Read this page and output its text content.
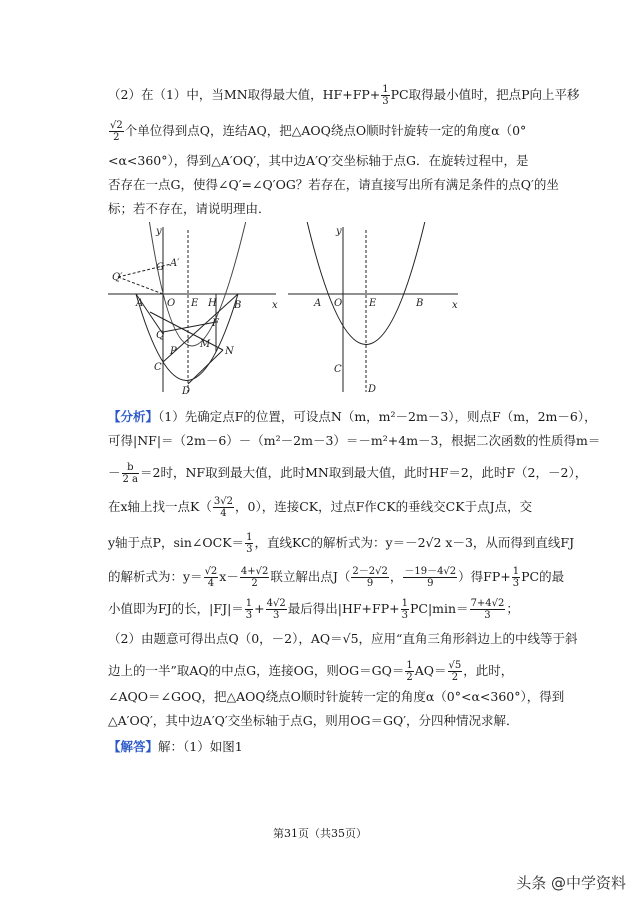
（2）在（1）中，当MN取得最大值，$HF+FP+ \frac{1}{3}$ PC取得最小值时，把点P向上平移
$\frac{√2}{2}$ 个单位得到点Q，连结AQ，把△AOQ绕点O顺时针旋转一定的角度α（0°
<α<360°），得到△A′OQ′，其中边A′Q′交坐标轴于点G．在旋转过程中，是
否存在一点G，使得∠Q′=∠Q′OG？若存在，请直接写出所有满足条件的点Q′的坐
标；若不存在，请说明理由．
y
x
A O E H B
F
G A′
Q′
Q
P
M
N
C
D
y
x
A O	E	B
C
D
【分析】（1）先确定点F的位置，可设点N（m，m²－2m－3），则点F（m，2m－6），
可得|NF|＝（2m－6）－（m²－2m－3）＝－m²+4m－3，根据二次函数的性质得m＝
－ $\frac{b}{2 a} =2$时，NF取到最大值，此时MN取到最大值，此时HF＝2，此时F（2，－2），
在x轴上找一点$K( \frac{3√2}{4}$ ，0），连接CK，过点F作CK的垂线交CK于点J点，交
y轴于点P，sin∠OCK＝ $\frac{1}{3}$ ，直线KC的解析式为：y＝－2√2 x－3，从而得到直线FJ
的解析式为：$y= \frac{√2}{4} x- \frac{4+√2}{2}$ 联立解出点$J( \frac{2-2√2}{9}$ ， $\frac{-19-4√2}{9}$ ）得$FP+ \frac{1}{3}$ PC的最
小值即为FJ的长，$|FJ|= \frac{1}{3} + \frac{4√2}{3}$ 最后得出$|HF+FP+ \frac{1}{3} PC|\min= \frac{7+4√2}{3}$ ；
（2）由题意可得出点Q（0，－2），AQ＝√5，应用“直角三角形斜边上的中线等于斜
边上的一半”取AQ的中点G，连接OG，则$OG=GQ= \frac{1}{2} AQ= \frac{√5}{2}$ ，此时，
∠AQO＝∠GOQ，把△AOQ绕点O顺时针旋转一定的角度α（0°<α<360°），得到
△A′OQ′，其中边A′Q′交坐标轴于点G，则用OG＝GQ′，分四种情况求解．
【解答】解：（1）如图1
第31页（共35页）
头条 @中学资料
